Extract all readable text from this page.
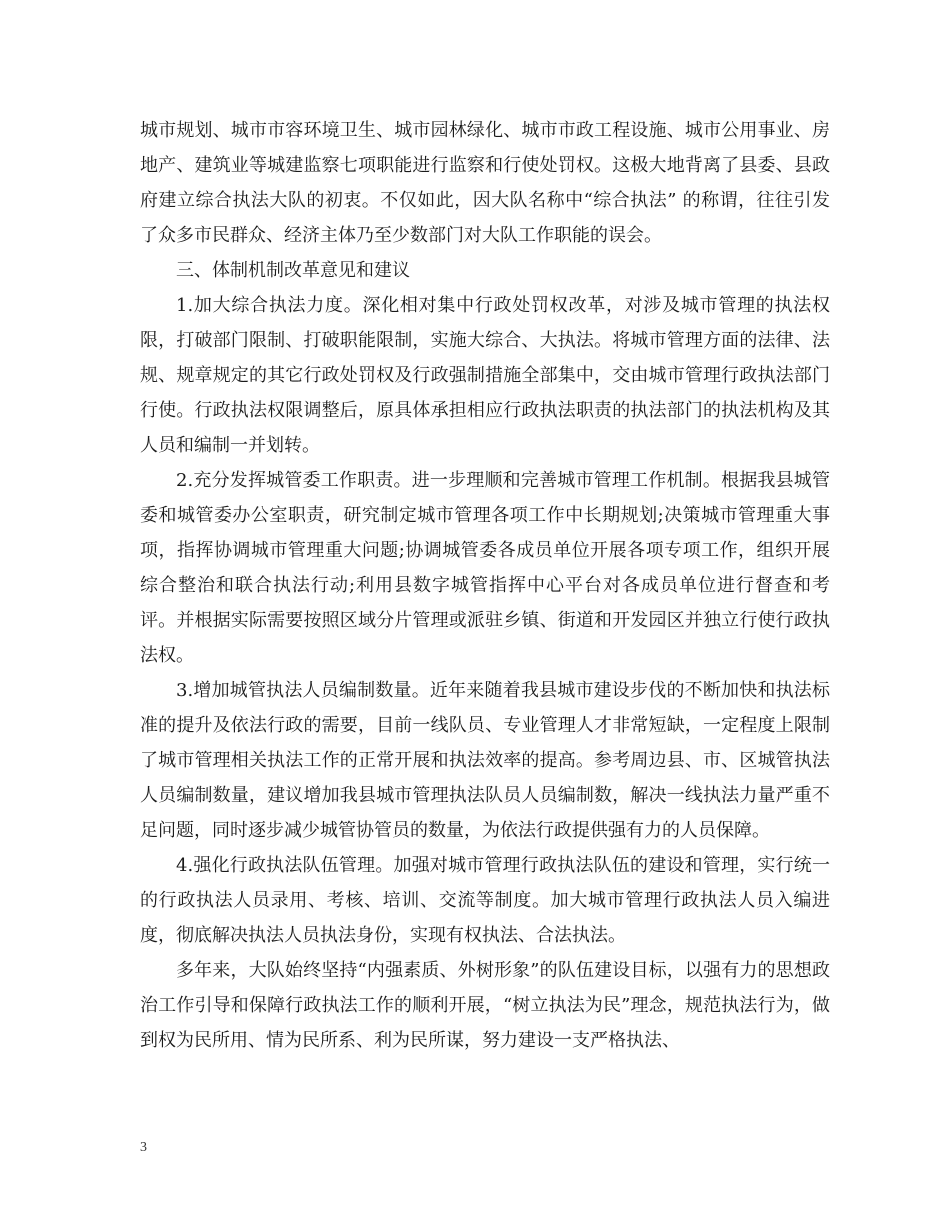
城市规划、城市市容环境卫生、城市园林绿化、城市市政工程设施、城市公用事业、房地产、建筑业等城建监察七项职能进行监察和行使处罚权。这极大地背离了县委、县政府建立综合执法大队的初衷。不仅如此，因大队名称中“综合执法” 的称谓，往往引发了众多市民群众、经济主体乃至少数部门对大队工作职能的误会。

三、体制机制改革意见和建议

1.加大综合执法力度。深化相对集中行政处罚权改革，对涉及城市管理的执法权限，打破部门限制、打破职能限制，实施大综合、大执法。将城市管理方面的法律、法规、规章规定的其它行政处罚权及行政强制措施全部集中，交由城市管理行政执法部门行使。行政执法权限调整后，原具体承担相应行政执法职责的执法部门的执法机构及其人员和编制一并划转。

2.充分发挥城管委工作职责。进一步理顺和完善城市管理工作机制。根据我县城管委和城管委办公室职责，研究制定城市管理各项工作中长期规划;决策城市管理重大事项，指挥协调城市管理重大问题;协调城管委各成员单位开展各项专项工作，组织开展综合整治和联合执法行动;利用县数字城管指挥中心平台对各成员单位进行督查和考评。并根据实际需要按照区域分片管理或派驻乡镇、街道和开发园区并独立行使行政执法权。

3.增加城管执法人员编制数量。近年来随着我县城市建设步伐的不断加快和执法标准的提升及依法行政的需要，目前一线队员、专业管理人才非常短缺，一定程度上限制了城市管理相关执法工作的正常开展和执法效率的提高。参考周边县、市、区城管执法人员编制数量，建议增加我县城市管理执法队员人员编制数，解决一线执法力量严重不足问题，同时逐步减少城管协管员的数量，为依法行政提供强有力的人员保障。

4.强化行政执法队伍管理。加强对城市管理行政执法队伍的建设和管理，实行统一的行政执法人员录用、考核、培训、交流等制度。加大城市管理行政执法人员入编进度，彻底解决执法人员执法身份，实现有权执法、合法执法。

多年来，大队始终坚持“内强素质、外树形象”的队伍建设目标，以强有力的思想政治工作引导和保障行政执法工作的顺利开展，“树立执法为民”理念，规范执法行为，做到权为民所用、情为民所系、利为民所谋，努力建设一支严格执法、

3
